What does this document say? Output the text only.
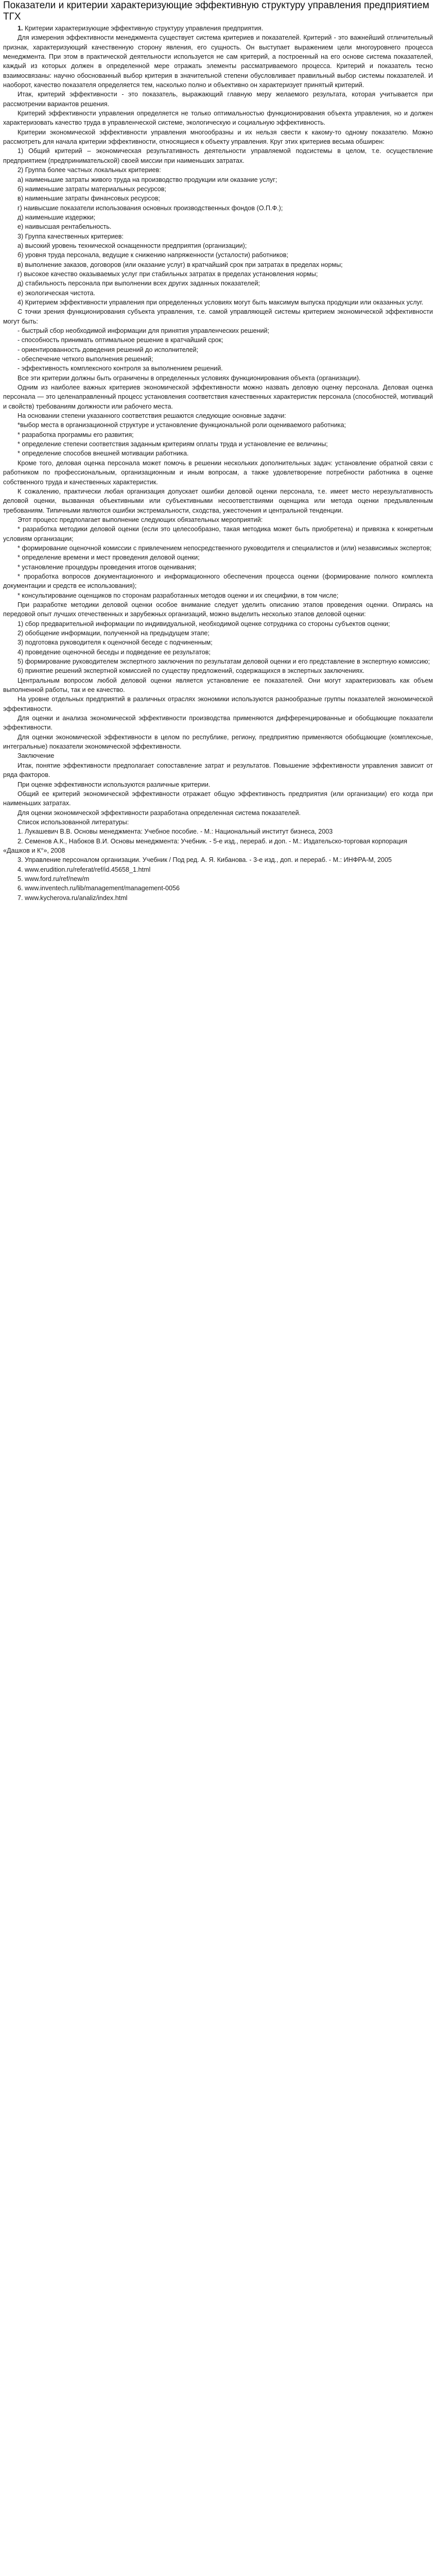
Показатели и критерии характеризующие эффективную структуру управления предприятием ТГХ

1. Критерии характеризующие эффективную структуру управления предприятия.

Для измерения эффективности менеджмента существует система критериев и показателей. Критерий - это важнейший отличительный признак, характеризующий качественную сторону явления, его сущность. Он выступает выражением цели многоуровнего процесса менеджмента. При этом в практической деятельности используется не сам критерий, а построенный на его основе система показателей, каждый из которых должен в определенной мере отражать элементы рассматриваемого процесса. Критерий и показатель тесно взаимосвязаны: научно обоснованный выбор критерия в значительной степени обусловливает правильный выбор системы показателей. И наоборот, качество показателя определяется тем, насколько полно и объективно он характеризует принятый критерий.

Итак, критерий эффективности - это показатель, выражающий главную меру желаемого результата, которая учитывается при рассмотрении вариантов решения.

Критерий эффективности управления определяется не только оптимальностью функционирования объекта управления, но и должен характеризовать качество труда в управленческой системе, экологическую и социальную эффективность.

Критерии экономической эффективности управления многообразны и их нельзя свести к какому-то одному показателю. Можно рассмотреть для начала критерии эффективности, относящиеся к объекту управления. Круг этих критериев весьма обширен:

1) Общий критерий – экономическая результативность деятельности управляемой подсистемы в целом, т.е. осуществление предприятием (предпринимательской) своей миссии при наименьших затратах.

2) Группа более частных локальных критериев:

а) наименьшие затраты живого труда на производство продукции или оказание услуг;

б) наименьшие затраты материальных ресурсов;

в) наименьшие затраты финансовых ресурсов;

г) наивысшие показатели использования основных производственных фондов (О.П.Ф.);

д) наименьшие издержки;

е) наивысшая рентабельность.

3) Группа качественных критериев:

а) высокий уровень технической оснащенности предприятия (организации);

б) уровня труда персонала, ведущие к снижению напряженности (усталости) работников;

в) выполнение заказов, договоров (или оказание услуг) в кратчайший срок при затратах в пределах нормы;

г) высокое качество оказываемых услуг при стабильных затратах в пределах установления нормы;

д) стабильность персонала при выполнении всех других заданных показателей;

е) экологическая чистота.

4) Критерием эффективности управления при определенных условиях могут быть максимум выпуска продукции или оказанных услуг.

С точки зрения функционирования субъекта управления, т.е. самой управляющей системы критерием экономической эффективности могут быть:

- быстрый сбор необходимой информации для принятия управленческих решений;

- способность принимать оптимальное решение в кратчайший срок;

- ориентированность доведения решений до исполнителей;

- обеспечение четкого выполнения решений;

- эффективность комплексного контроля за выполнением решений.

Все эти критерии должны быть ограничены в определенных условиях функционирования объекта (организации).

Одним из наиболее важных критериев экономической эффективности можно назвать деловую оценку персонала. Деловая оценка персонала — это целенаправленный процесс установления соответствия качественных характеристик персонала (способностей, мотиваций и свойств) требованиям должности или рабочего места.

На основании степени указанного соответствия решаются следующие основные задачи:

*выбор места в организационной структуре и установление функциональной роли оцениваемого работника;

* разработка программы его развития;

* определение степени соответствия заданным критериям оплаты труда и установление ее величины;

* определение способов внешней мотивации работника.

Кроме того, деловая оценка персонала может помочь в решении нескольких дополнительных задач: установление обратной связи с работником по профессиональным, организационным и иным вопросам, а также удовлетворение потребности работника в оценке собственного труда и качественных характеристик.

К сожалению, практически любая организация допускает ошибки деловой оценки персонала, т.е. имеет место нерезультативность деловой оценки, вызванная объективными или субъективными несоответствиями оценщика или метода оценки предъявленным требованиям. Типичными являются ошибки экстремальности, сходства, ужесточения и центральной тенденции.

Этот процесс предполагает выполнение следующих обязательных мероприятий:

* разработка методики деловой оценки (если это целесообразно, такая методика может быть приобретена) и привязка к конкретным условиям организации;

* формирование оценочной комиссии с привлечением непосредственного руководителя и специалистов и (или) независимых экспертов;

* определение времени и мест проведения деловой оценки;

* установление процедуры проведения итогов оценивания;

* проработка вопросов документационного и информационного обеспечения процесса оценки (формирование полного комплекта документации и средств ее использования);

* консультирование оценщиков по сторонам разработанных методов оценки и их специфики, в том числе;

При разработке методики деловой оценки особое внимание следует уделить описанию этапов проведения оценки. Опираясь на передовой опыт лучших отечественных и зарубежных организаций, можно выделить несколько этапов деловой оценки:

1) сбор предварительной информации по индивидуальной, необходимой оценке сотрудника со стороны субъектов оценки;

2) обобщение информации, полученной на предыдущем этапе;

3) подготовка руководителя к оценочной беседе с подчиненным;

4) проведение оценочной беседы и подведение ее результатов;

5) формирование руководителем экспертного заключения по результатам деловой оценки и его представление в экспертную комиссию;

6) принятие решений экспертной комиссией по существу предложений, содержащихся в экспертных заключениях.

Центральным вопросом любой деловой оценки является установление ее показателей. Они могут характеризовать как объем выполненной работы, так и ее качество.

На уровне отдельных предприятий в различных отраслях экономики используются разнообразные группы показателей экономической эффективности.

Для оценки и анализа экономической эффективности производства применяются дифференцированные и обобщающие показатели эффективности.

Для оценки экономической эффективности в целом по республике, региону, предприятию применяются обобщающие (комплексные, интегральные) показатели экономической эффективности.

Заключение

Итак, понятие эффективности предполагает сопоставление затрат и результатов. Повышение эффективности управления зависит от ряда факторов.

При оценке эффективности используются различные критерии.

Общий ее критерий экономической эффективности отражает общую эффективность предприятия (или организации) его когда при наименьших затратах.

Для оценки экономической эффективности разработана определенная система показателей.

Список использованной литературы:

1. Лукашевич В.В. Основы менеджмента: Учебное пособие. - М.: Национальный институт бизнеса, 2003
2. Семенов А.К., Набоков В.И. Основы менеджмента: Учебник. - 5-е изд., перераб. и доп. - М.: Издательско-торговая корпорация «Дашков и К°», 2008
3. Управление персоналом организации. Учебник / Под ред. А. Я. Кибанова. - 3-е изд., доп. и перераб. - М.: ИНФРА-М, 2005
4. www.erudition.ru/referat/ref/id.45658_1.html
5. www.ford.ru/ref/new/m
6. www.inventech.ru/lib/management/management-0056
7. www.kycherova.ru/analiz/index.html
